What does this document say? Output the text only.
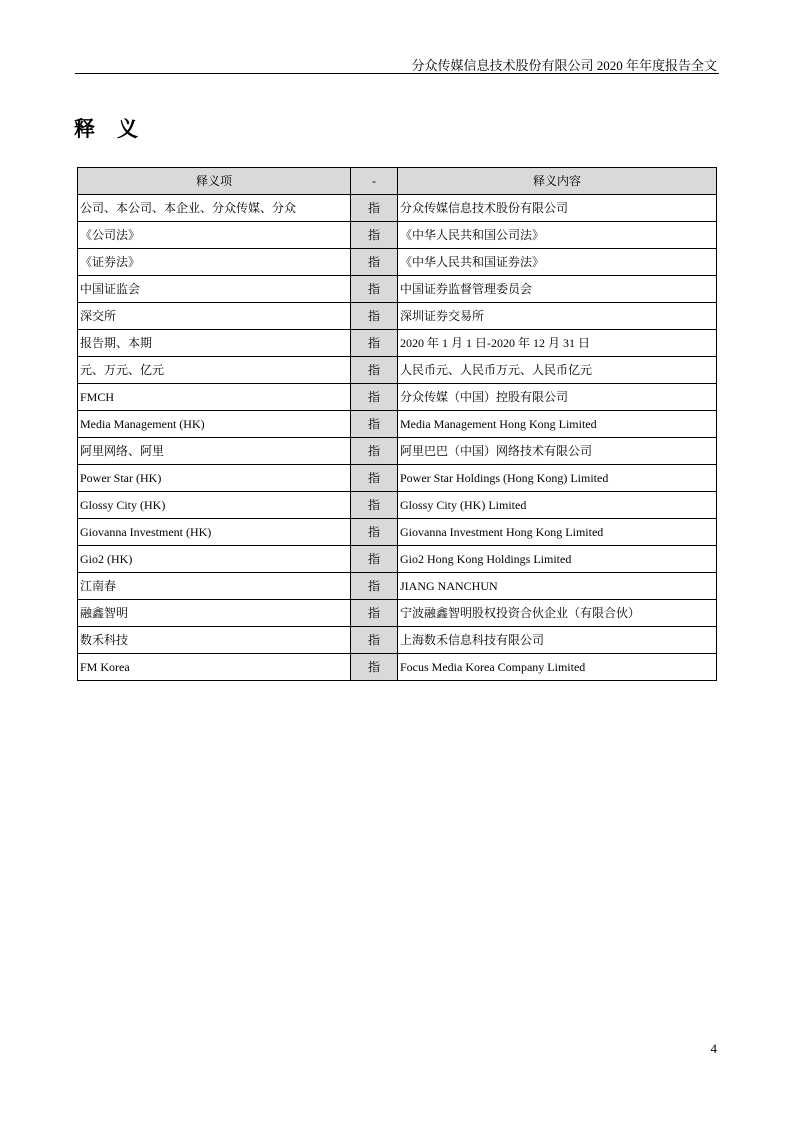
分众传媒信息技术股份有限公司 2020 年年度报告全文
释义
释义项	-	释义内容
公司、本公司、本企业、分众传媒、分众	指	分众传媒信息技术股份有限公司
《公司法》	指	《中华人民共和国公司法》
《证券法》	指	《中华人民共和国证券法》
中国证监会	指	中国证券监督管理委员会
深交所	指	深圳证券交易所
报告期、本期	指	2020 年 1 月 1 日-2020 年 12 月 31 日
元、万元、亿元	指	人民币元、人民币万元、人民币亿元
FMCH	指	分众传媒（中国）控股有限公司
Media Management (HK)	指	Media Management Hong Kong Limited
阿里网络、阿里	指	阿里巴巴（中国）网络技术有限公司
Power Star (HK)	指	Power Star Holdings (Hong Kong) Limited
Glossy City (HK)	指	Glossy City (HK) Limited
Giovanna Investment (HK)	指	Giovanna Investment Hong Kong Limited
Gio2 (HK)	指	Gio2 Hong Kong Holdings Limited
江南春	指	JIANG NANCHUN
融鑫智明	指	宁波融鑫智明股权投资合伙企业（有限合伙）
数禾科技	指	上海数禾信息科技有限公司
FM Korea	指	Focus Media Korea Company Limited
4
